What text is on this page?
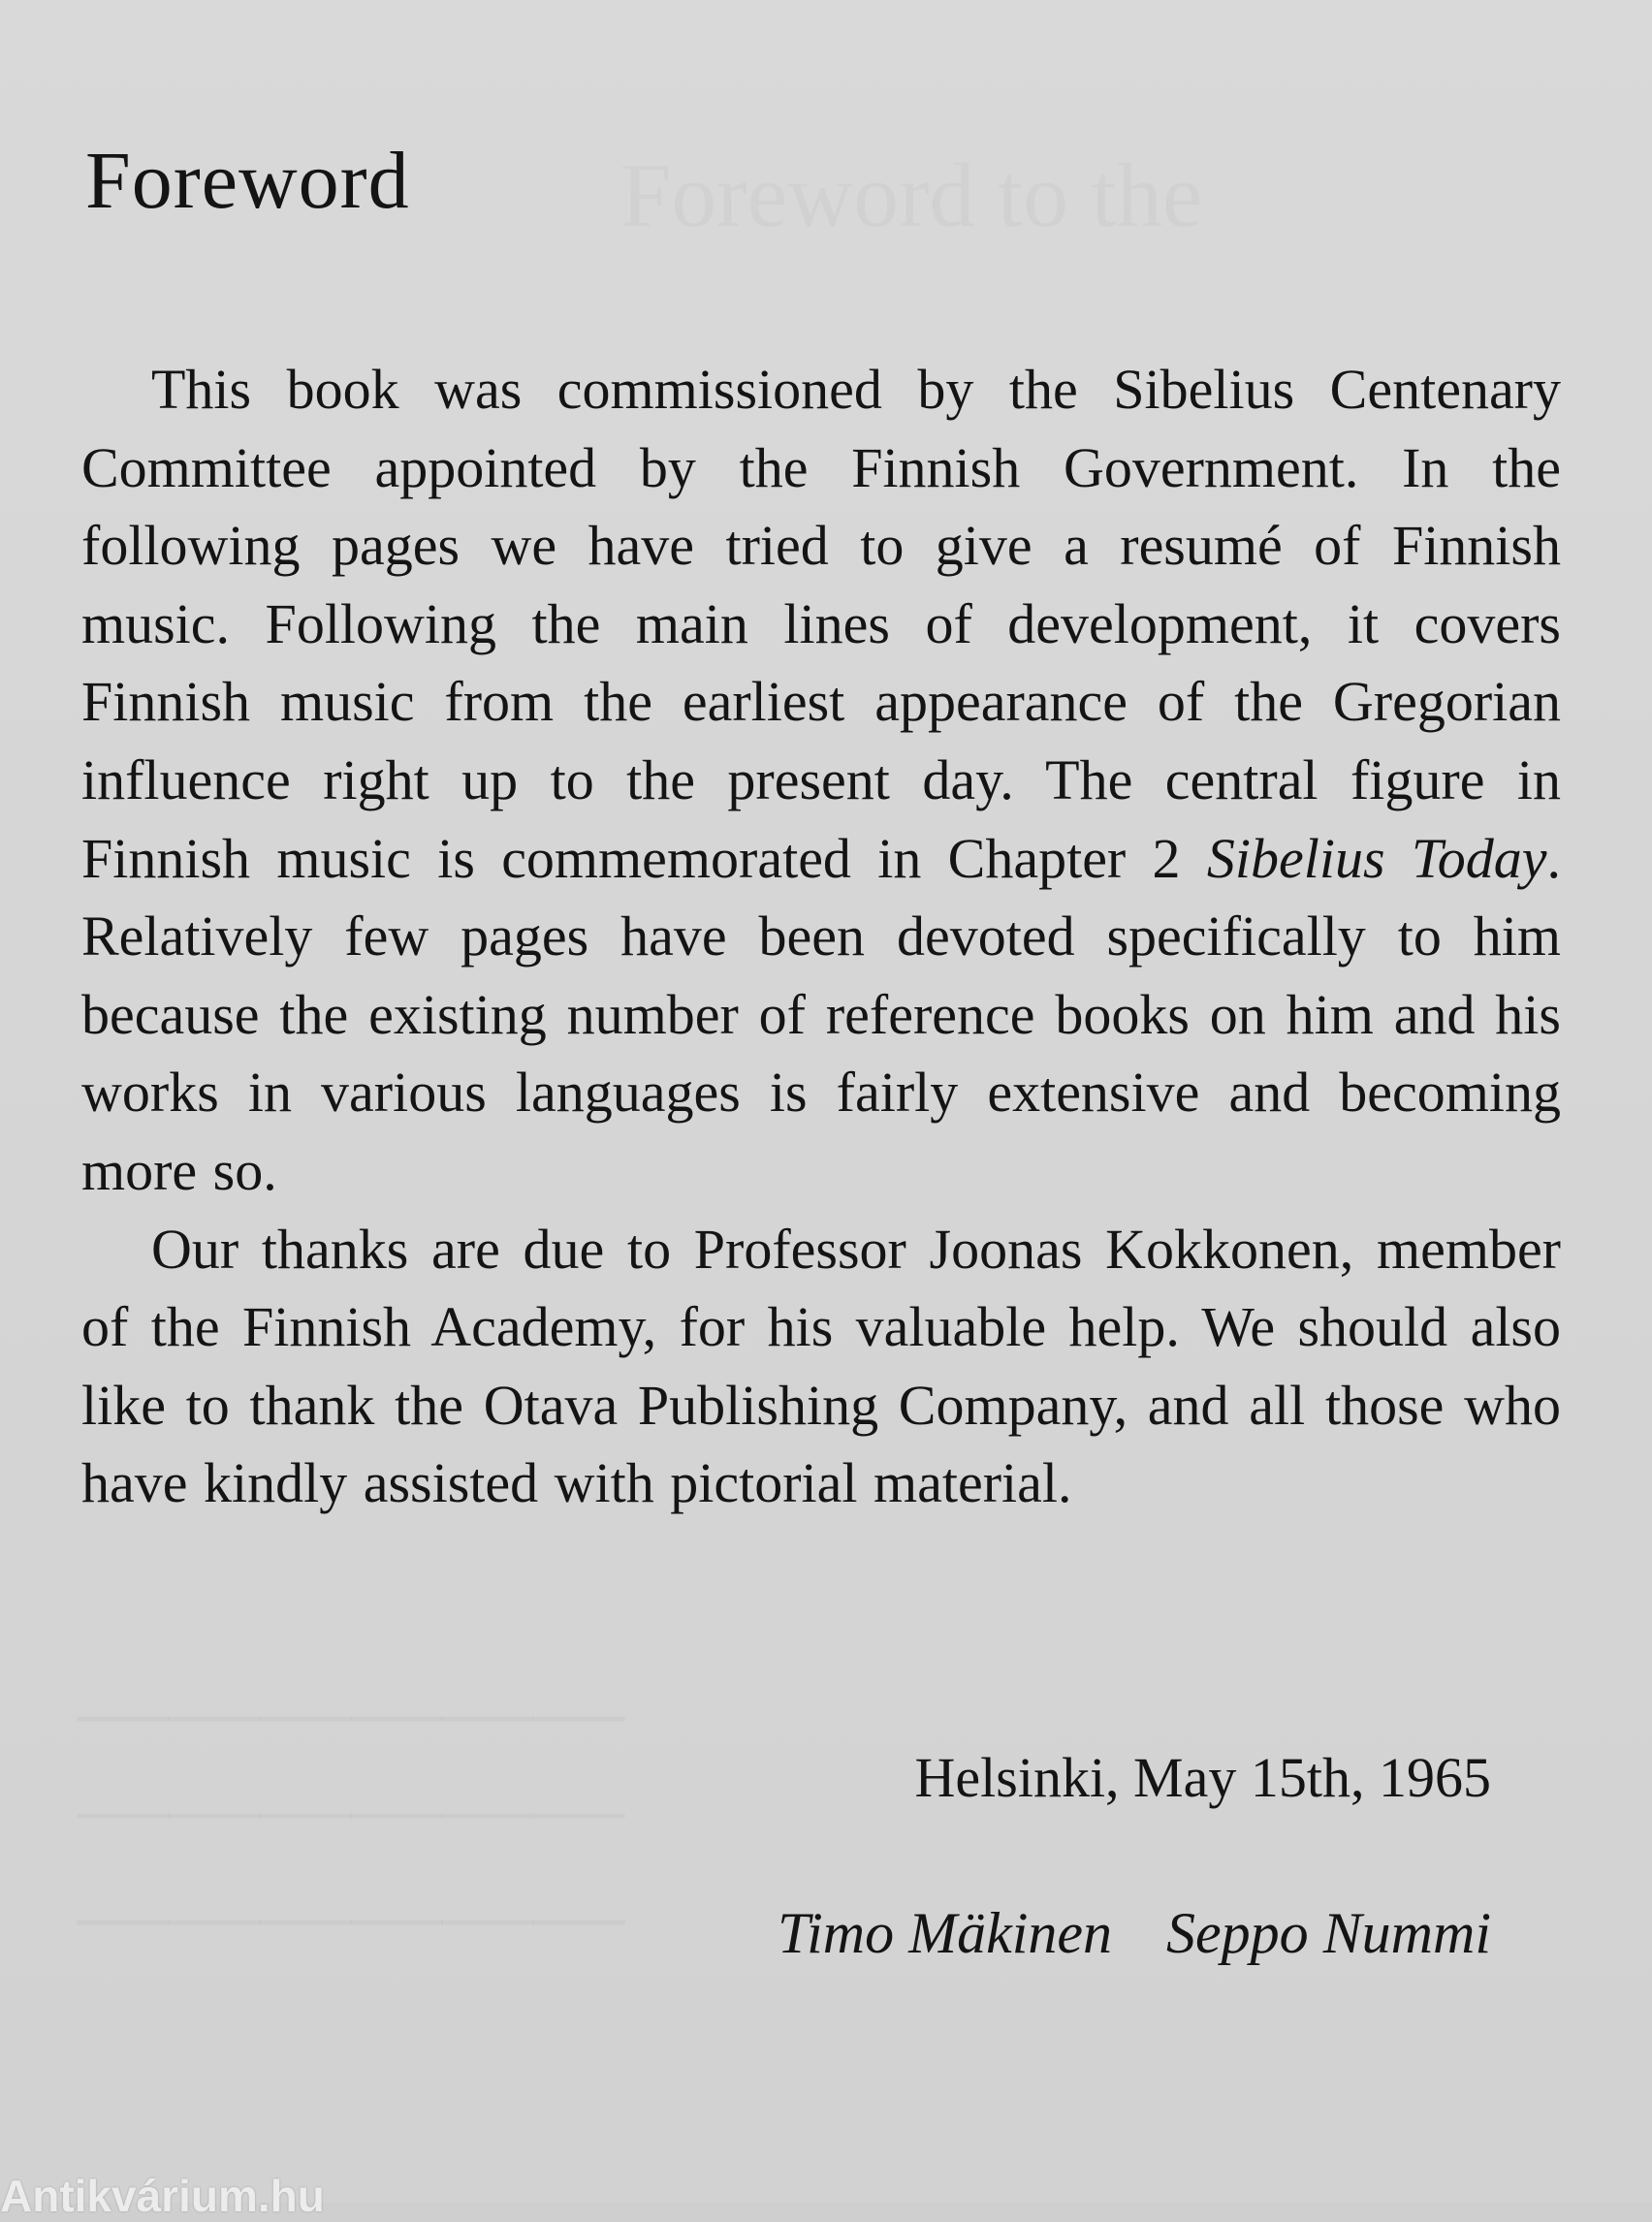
Foreword

This book was commissioned by the Sibelius Centenary Committee appointed by the Finnish Government. In the following pages we have tried to give a resumé of Finnish music. Following the main lines of development, it covers Finnish music from the earliest appearance of the Gregorian influence right up to the present day. The central figure in Finnish music is commemorated in Chapter 2 Sibelius Today. Relatively few pages have been devoted specifically to him because the existing number of reference books on him and his works in various languages is fairly extensive and becoming more so.

Our thanks are due to Professor Joonas Kokkonen, member of the Finnish Academy, for his valuable help. We should also like to thank the Otava Publishing Company, and all those who have kindly assisted with pictorial material.

Helsinki, May 15th, 1965
Timo Mäkinen Seppo Nummi
Antikvárium.hu
